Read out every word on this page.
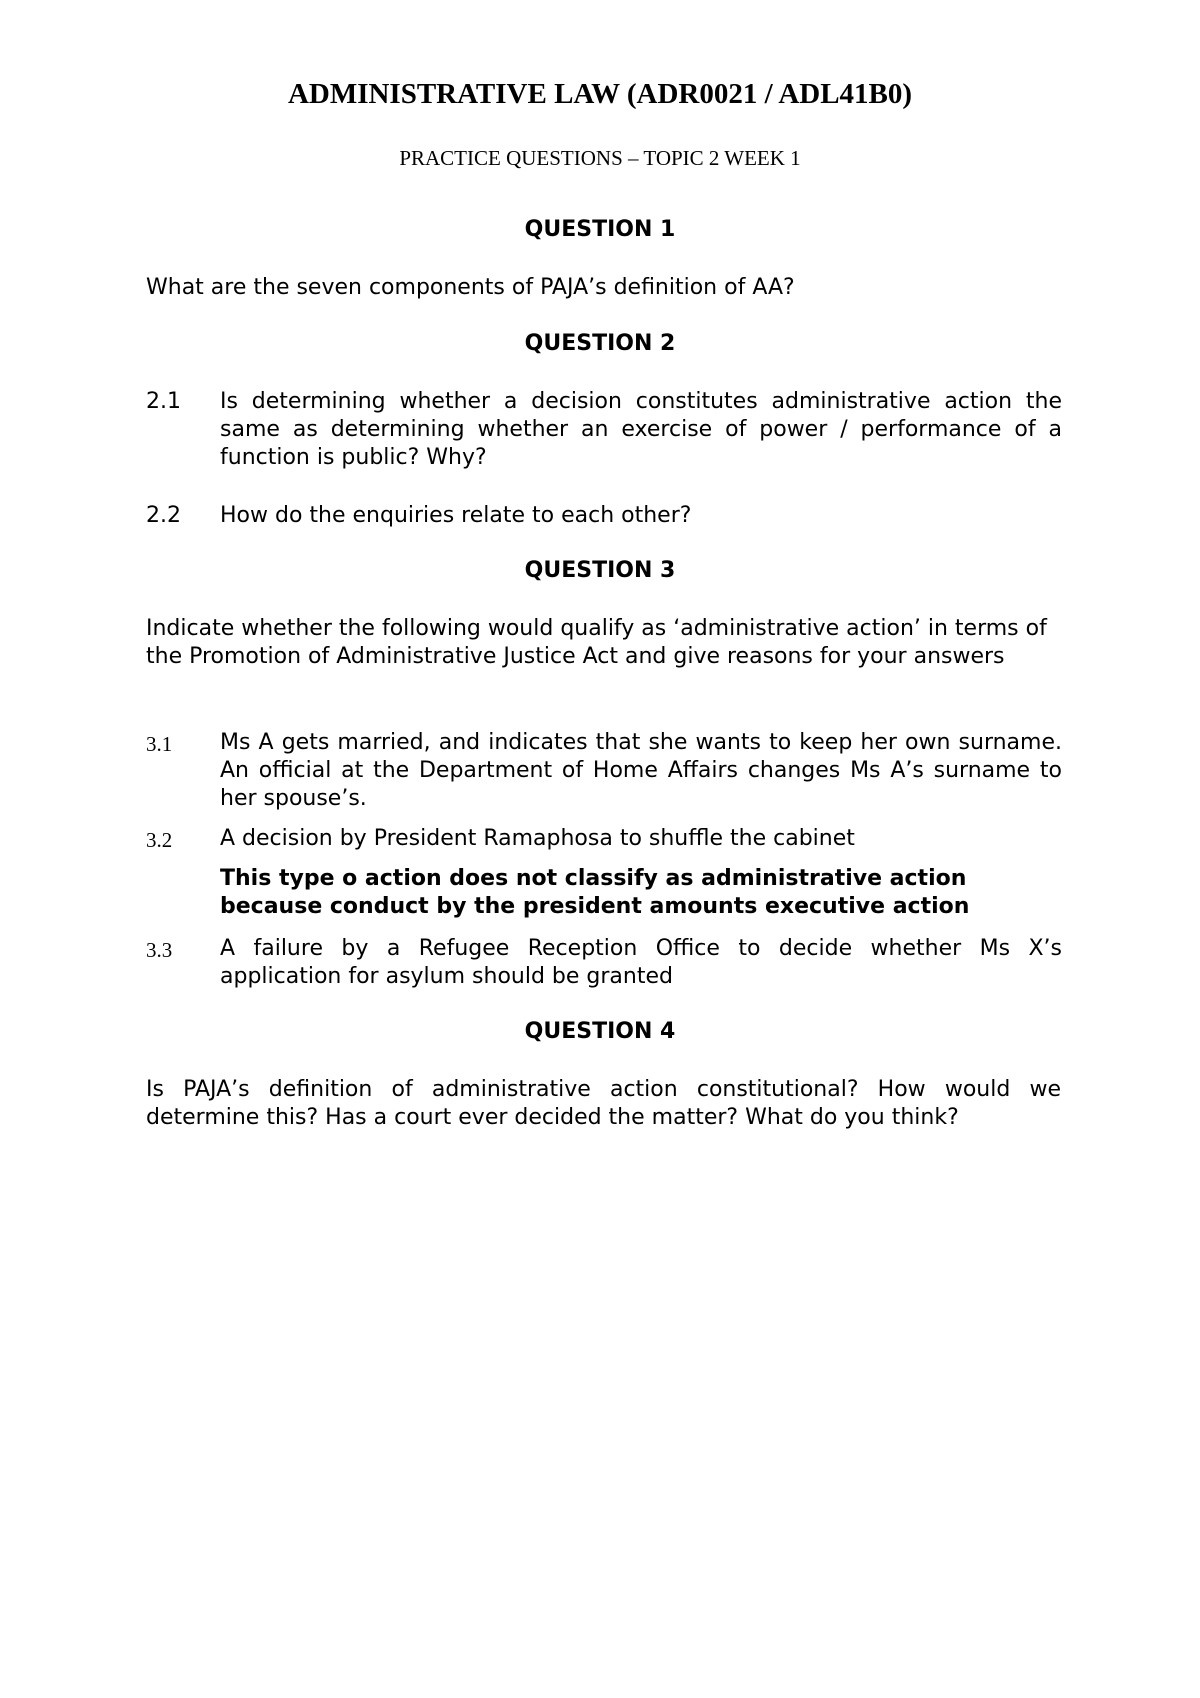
ADMINISTRATIVE LAW (ADR0021 / ADL41B0)
PRACTICE QUESTIONS – TOPIC 2 WEEK 1
QUESTION 1
What are the seven components of PAJA’s definition of AA?
QUESTION 2
2.1 Is determining whether a decision constitutes administrative action the same as determining whether an exercise of power / performance of a function is public? Why?
2.2 How do the enquiries relate to each other?
QUESTION 3
Indicate whether the following would qualify as ‘administrative action’ in terms of the Promotion of Administrative Justice Act and give reasons for your answers
3.1 Ms A gets married, and indicates that she wants to keep her own surname. An official at the Department of Home Affairs changes Ms A’s surname to her spouse’s.
3.2 A decision by President Ramaphosa to shuffle the cabinet
This type o action does not classify as administrative action because conduct by the president amounts executive action
3.3 A failure by a Refugee Reception Office to decide whether Ms X’s application for asylum should be granted
QUESTION 4
Is PAJA’s definition of administrative action constitutional? How would we determine this? Has a court ever decided the matter? What do you think?
